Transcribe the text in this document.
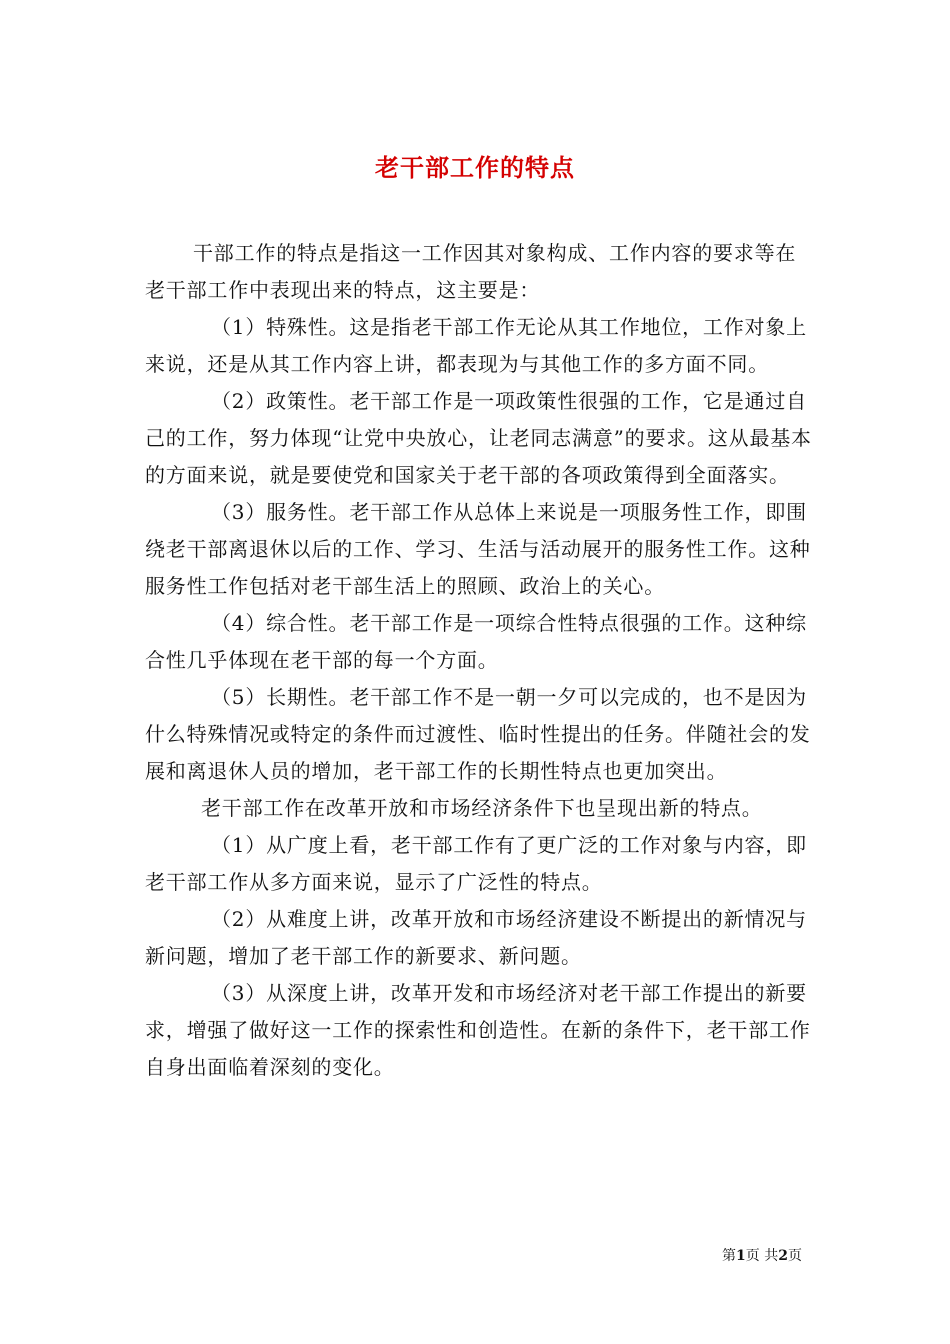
老干部工作的特点

干部工作的特点是指这一工作因其对象构成、工作内容的要求等在老干部工作中表现出来的特点，这主要是：

（1）特殊性。这是指老干部工作无论从其工作地位，工作对象上来说，还是从其工作内容上讲，都表现为与其他工作的多方面不同。

（2）政策性。老干部工作是一项政策性很强的工作，它是通过自己的工作，努力体现“让党中央放心，让老同志满意”的要求。这从最基本的方面来说，就是要使党和国家关于老干部的各项政策得到全面落实。

（3）服务性。老干部工作从总体上来说是一项服务性工作，即围绕老干部离退休以后的工作、学习、生活与活动展开的服务性工作。这种服务性工作包括对老干部生活上的照顾、政治上的关心。

（4）综合性。老干部工作是一项综合性特点很强的工作。这种综合性几乎体现在老干部的每一个方面。

（5）长期性。老干部工作不是一朝一夕可以完成的，也不是因为什么特殊情况或特定的条件而过渡性、临时性提出的任务。伴随社会的发展和离退休人员的增加，老干部工作的长期性特点也更加突出。

老干部工作在改革开放和市场经济条件下也呈现出新的特点。

（1）从广度上看，老干部工作有了更广泛的工作对象与内容，即老干部工作从多方面来说，显示了广泛性的特点。

（2）从难度上讲，改革开放和市场经济建设不断提出的新情况与新问题，增加了老干部工作的新要求、新问题。

（3）从深度上讲，改革开发和市场经济对老干部工作提出的新要求，增强了做好这一工作的探索性和创造性。在新的条件下，老干部工作自身出面临着深刻的变化。

第1页 共2页
